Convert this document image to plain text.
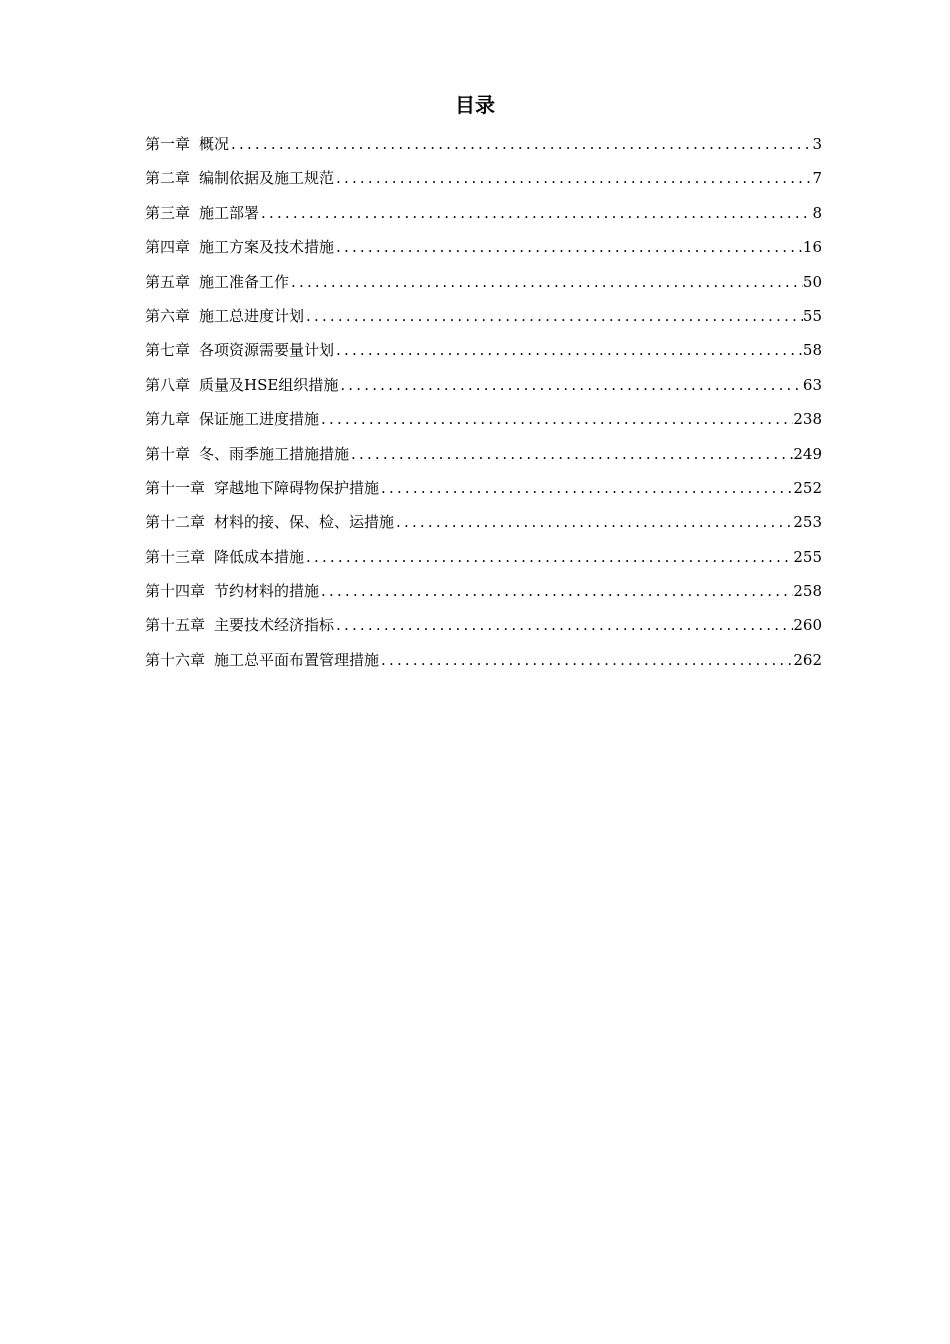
目录
第一章 概况 .....	3
第二章 编制依据及施工规范 .....	7
第三章 施工部署 .....	8
第四章 施工方案及技术措施 .....	16
第五章 施工准备工作 .....	50
第六章 施工总进度计划 .....	55
第七章 各项资源需要量计划 .....	58
第八章 质量及HSE组织措施 .....	63
第九章 保证施工进度措施 .....	238
第十章 冬、雨季施工措施措施 .....	249
第十一章 穿越地下障碍物保护措施 .....	252
第十二章 材料的接、保、检、运措施 .....	253
第十三章 降低成本措施 .....	255
第十四章 节约材料的措施 .....	258
第十五章 主要技术经济指标 .....	260
第十六章 施工总平面布置管理措施 .....	262
